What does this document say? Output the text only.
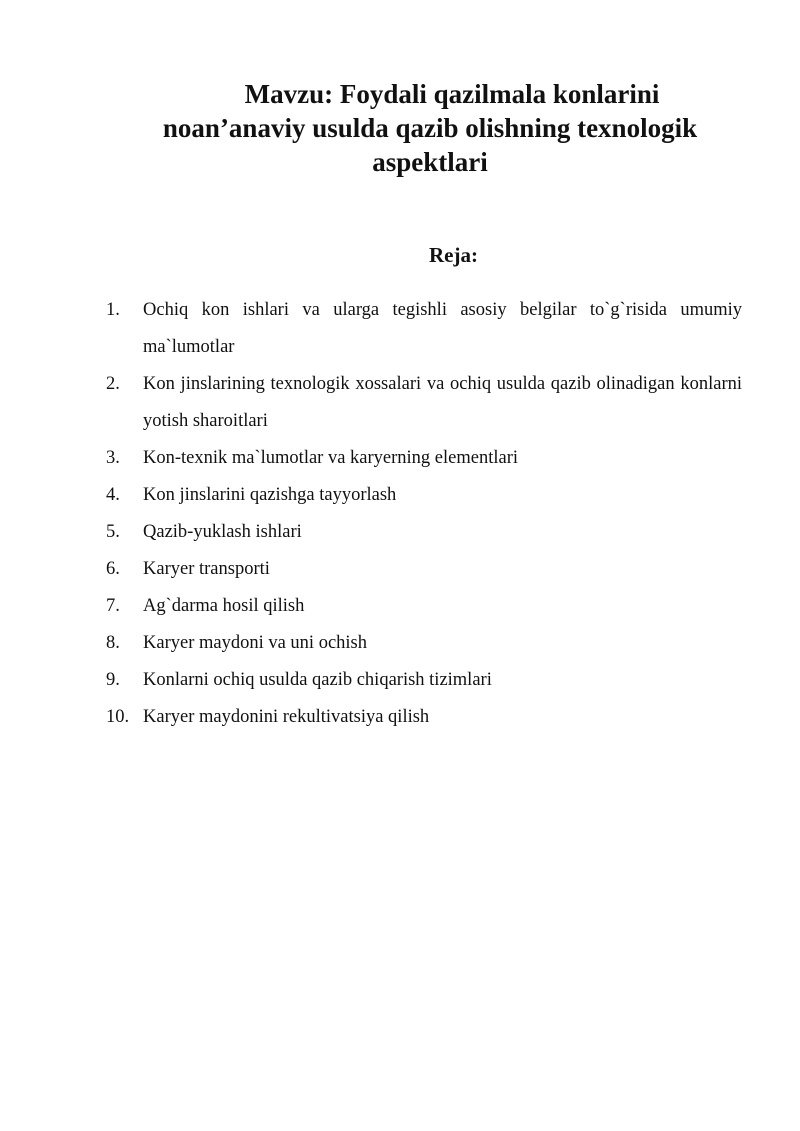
Mavzu: Foydali qazilmala konlarini
noan’anaviy usulda qazib olishning texnologik
aspektlari
Reja:
1. Ochiq kon ishlari va ularga tegishli asosiy belgilar to`g`risida umumiy ma`lumotlar
2. Kon jinslarining texnologik xossalari va ochiq usulda qazib olinadigan konlarni yotish sharoitlari
3. Kon-texnik ma`lumotlar va karyerning elementlari
4. Kon jinslarini qazishga tayyorlash
5. Qazib-yuklash ishlari
6. Karyer transporti
7. Ag`darma hosil qilish
8. Karyer maydoni va uni ochish
9. Konlarni ochiq usulda qazib chiqarish tizimlari
10. Karyer maydonini rekultivatsiya qilish
